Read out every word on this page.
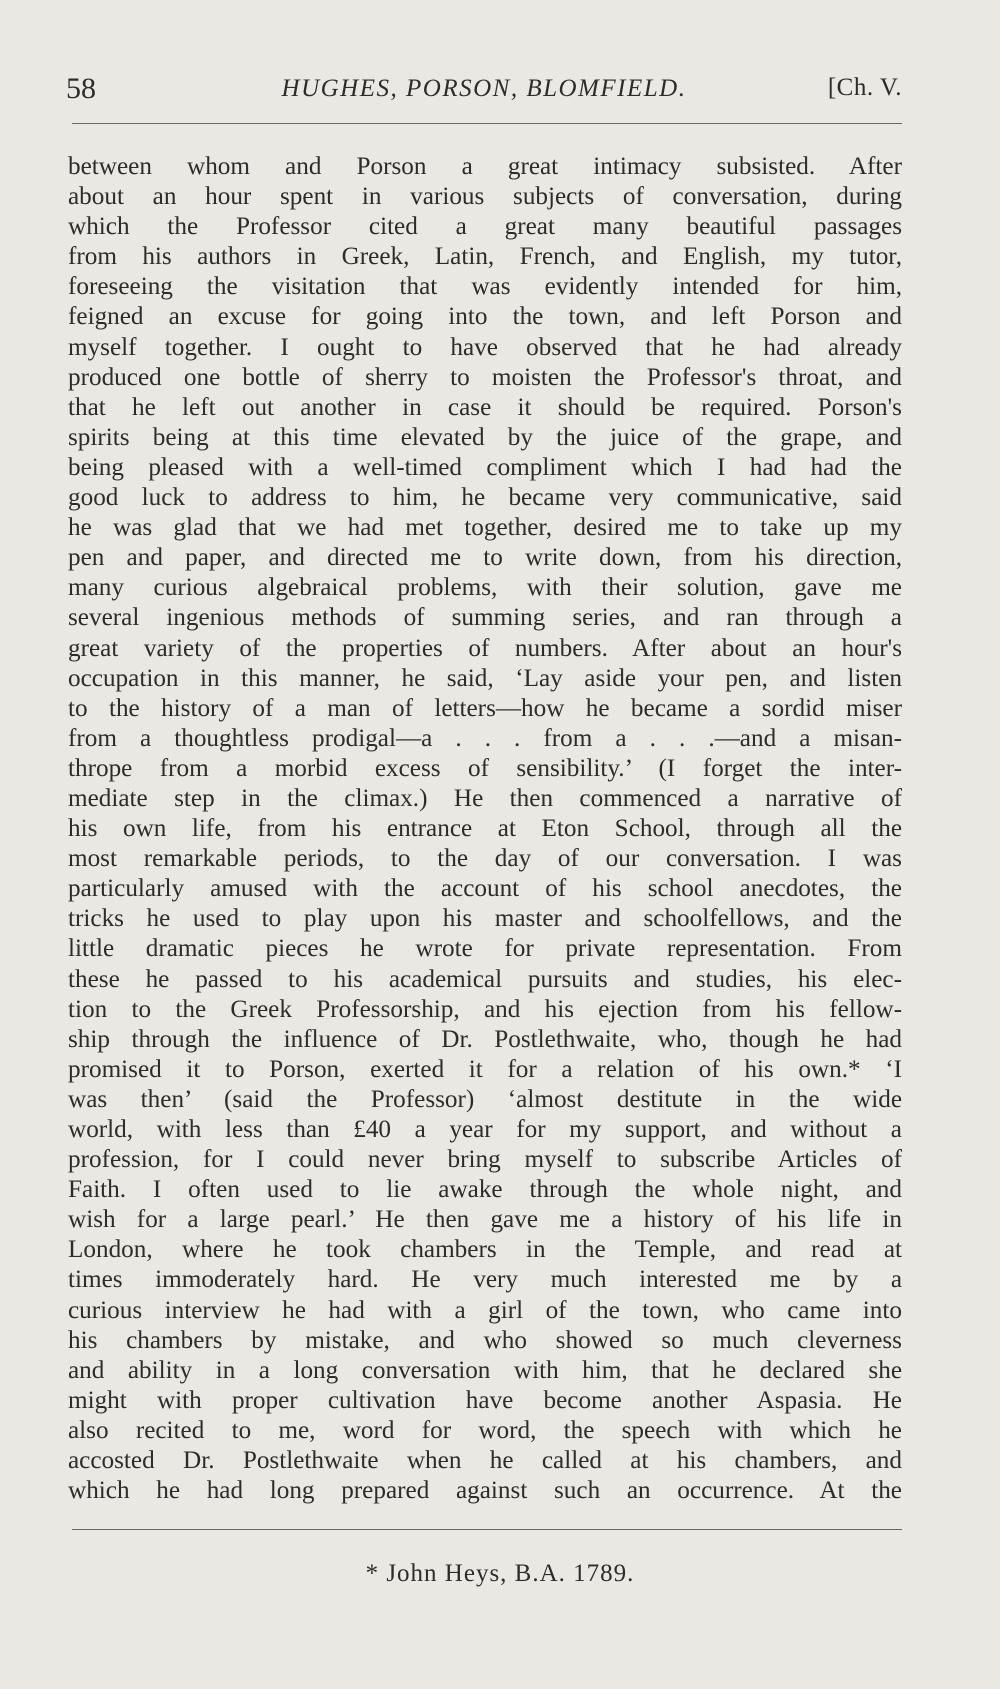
58	HUGHES, PORSON, BLOMFIELD.	[Ch. V.
between whom and Porson a great intimacy subsisted. After
about an hour spent in various subjects of conversation, during
which the Professor cited a great many beautiful passages
from his authors in Greek, Latin, French, and English, my tutor,
foreseeing the visitation that was evidently intended for him,
feigned an excuse for going into the town, and left Porson and
myself together. I ought to have observed that he had already
produced one bottle of sherry to moisten the Professor's throat, and
that he left out another in case it should be required. Porson's
spirits being at this time elevated by the juice of the grape, and
being pleased with a well-timed compliment which I had had the
good luck to address to him, he became very communicative, said
he was glad that we had met together, desired me to take up my
pen and paper, and directed me to write down, from his direction,
many curious algebraical problems, with their solution, gave me
several ingenious methods of summing series, and ran through a
great variety of the properties of numbers. After about an hour's
occupation in this manner, he said, ‘Lay aside your pen, and listen
to the history of a man of letters—how he became a sordid miser
from a thoughtless prodigal—a . . . from a . . .—and a misan-
thrope from a morbid excess of sensibility.’ (I forget the inter-
mediate step in the climax.) He then commenced a narrative of
his own life, from his entrance at Eton School, through all the
most remarkable periods, to the day of our conversation. I was
particularly amused with the account of his school anecdotes, the
tricks he used to play upon his master and schoolfellows, and the
little dramatic pieces he wrote for private representation. From
these he passed to his academical pursuits and studies, his elec-
tion to the Greek Professorship, and his ejection from his fellow-
ship through the influence of Dr. Postlethwaite, who, though he had
promised it to Porson, exerted it for a relation of his own.* ‘I
was then’ (said the Professor) ‘almost destitute in the wide
world, with less than £40 a year for my support, and without a
profession, for I could never bring myself to subscribe Articles of
Faith. I often used to lie awake through the whole night, and
wish for a large pearl.’ He then gave me a history of his life in
London, where he took chambers in the Temple, and read at
times immoderately hard. He very much interested me by a
curious interview he had with a girl of the town, who came into
his chambers by mistake, and who showed so much cleverness
and ability in a long conversation with him, that he declared she
might with proper cultivation have become another Aspasia. He
also recited to me, word for word, the speech with which he
accosted Dr. Postlethwaite when he called at his chambers, and
which he had long prepared against such an occurrence. At the
* John Heys, B.A. 1789.
